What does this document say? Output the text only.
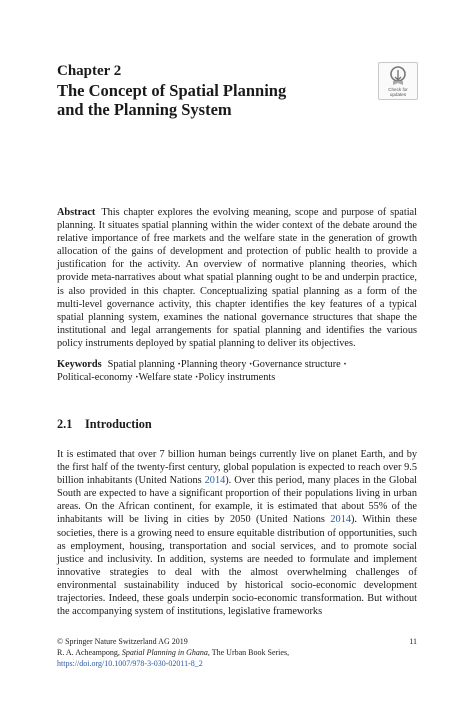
Chapter 2
The Concept of Spatial Planning
and the Planning System
Check for
updates
Abstract This chapter explores the evolving meaning, scope and purpose of spatial planning. It situates spatial planning within the wider context of the debate around the relative importance of free markets and the welfare state in the generation of growth allocation of the gains of development and protection of public health to provide a justification for the activity. An overview of normative planning theories, which provide meta-narratives about what spatial planning ought to be and underpin practice, is also provided in this chapter. Conceptualizing spatial planning as a form of the multi-level governance activity, this chapter identifies the key features of a typical spatial planning system, examines the national governance structures that shape the institutional and legal arrangements for spatial planning and identifies the various policy instruments deployed by spatial planning to deliver its objectives.
Keywords Spatial planning · Planning theory · Governance structure ·
Political-economy · Welfare state · Policy instruments
2.1 Introduction
It is estimated that over 7 billion human beings currently live on planet Earth, and by the first half of the twenty-first century, global population is expected to reach over 9.5 billion inhabitants (United Nations 2014). Over this period, many places in the Global South are expected to have a significant proportion of their populations living in urban areas. On the African continent, for example, it is estimated that about 55% of the inhabitants will be living in cities by 2050 (United Nations 2014). Within these societies, there is a growing need to ensure equitable distribution of opportunities, such as employment, housing, transportation and social services, and to promote social justice and inclusivity. In addition, systems are needed to formulate and implement innovative strategies to deal with the almost overwhelming challenges of environmental sustainability induced by historical socio-economic development trajectories. Indeed, these goals underpin socio-economic transformation. But without the accompanying system of institutions, legislative frameworks
© Springer Nature Switzerland AG 2019	11
R. A. Acheampong, Spatial Planning in Ghana, The Urban Book Series,
https://doi.org/10.1007/978-3-030-02011-8_2
